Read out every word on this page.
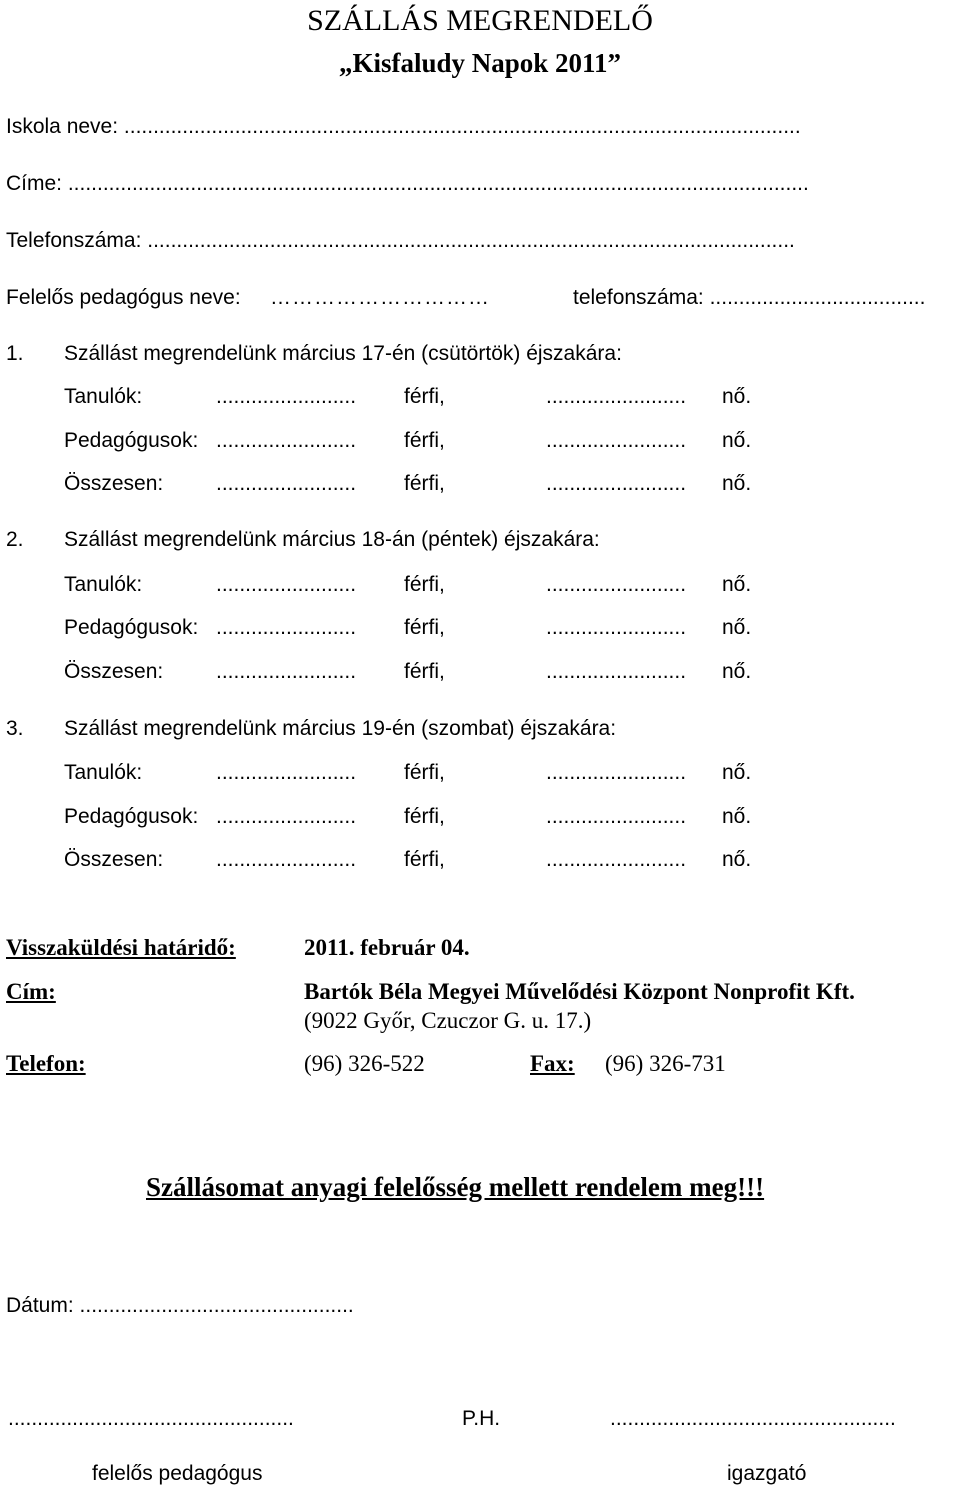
SZÁLLÁS MEGRENDELŐ
„Kisfaludy Napok 2011”
Iskola neve: ....................................................................................................................
Címe: ...............................................................................................................................
Telefonszáma: ...............................................................................................................
Felelős pedagógus neve: …………………………	telefonszáma: .....................................
1. Szállást megrendelünk március 17-én (csütörtök) éjszakára:
Tanulók:	........................ férfi,	........................ nő.
Pedagógusok: ........................ férfi,	........................ nő.
Összesen:	........................ férfi,	........................ nő.
2. Szállást megrendelünk március 18-án (péntek) éjszakára:
Tanulók:	........................ férfi,	........................ nő.
Pedagógusok: ........................ férfi,	........................ nő.
Összesen:	........................ férfi,	........................ nő.
3. Szállást megrendelünk március 19-én (szombat) éjszakára:
Tanulók:	........................ férfi,	........................ nő.
Pedagógusok: ........................ férfi,	........................ nő.
Összesen:	........................ férfi,	........................ nő.
Visszaküldési határidő:	2011. február 04.
Cím:	Bartók Béla Megyei Művelődési Központ Nonprofit Kft.
(9022 Győr, Czuczor G. u. 17.)
Telefon:	(96) 326-522	Fax: (96) 326-731
Szállásomat anyagi felelősség mellett rendelem meg!!!
Dátum: ...............................................
.................................................	P.H.	.................................................
felelős pedagógus	igazgató
